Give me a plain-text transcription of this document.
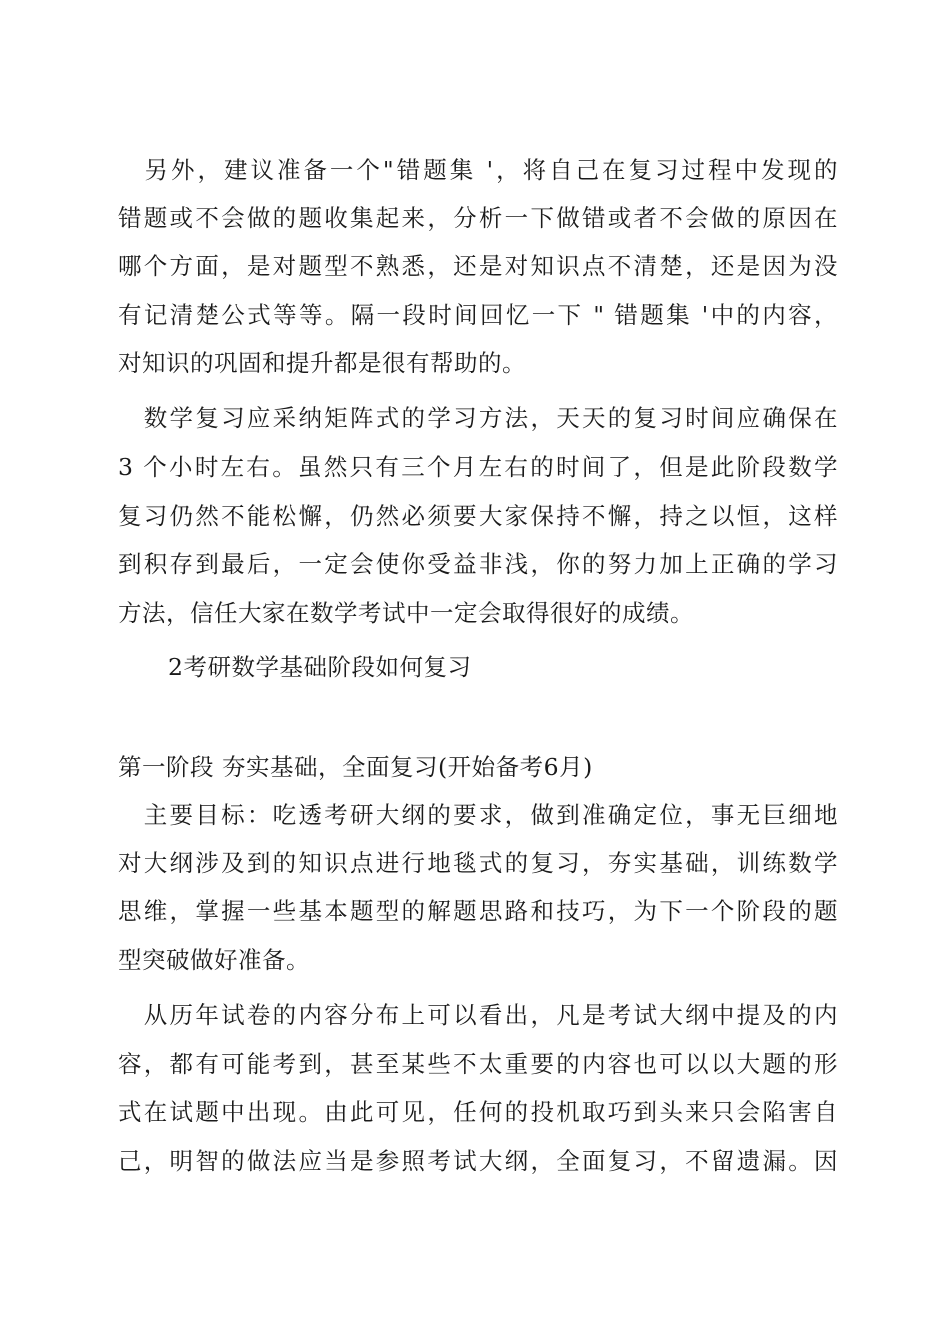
　另外，建议准备一个"错题集 '，将自己在复习过程中发现的
错题或不会做的题收集起来，分析一下做错或者不会做的原因在
哪个方面，是对题型不熟悉，还是对知识点不清楚，还是因为没
有记清楚公式等等。隔一段时间回忆一下 " 错题集 '中的内容，
对知识的巩固和提升都是很有帮助的。
　数学复习应采纳矩阵式的学习方法，天天的复习时间应确保在
3 个小时左右。虽然只有三个月左右的时间了，但是此阶段数学
复习仍然不能松懈，仍然必须要大家保持不懈，持之以恒，这样
到积存到最后，一定会使你受益非浅，你的努力加上正确的学习
方法，信任大家在数学考试中一定会取得很好的成绩。
2考研数学基础阶段如何复习
第一阶段 夯实基础，全面复习(开始备考6月)
　主要目标：吃透考研大纲的要求，做到准确定位，事无巨细地
对大纲涉及到的知识点进行地毯式的复习，夯实基础，训练数学
思维，掌握一些基本题型的解题思路和技巧，为下一个阶段的题
型突破做好准备。
　从历年试卷的内容分布上可以看出，凡是考试大纲中提及的内
容，都有可能考到，甚至某些不太重要的内容也可以以大题的形
式在试题中出现。由此可见，任何的投机取巧到头来只会陷害自
己，明智的做法应当是参照考试大纲，全面复习，不留遗漏。因
